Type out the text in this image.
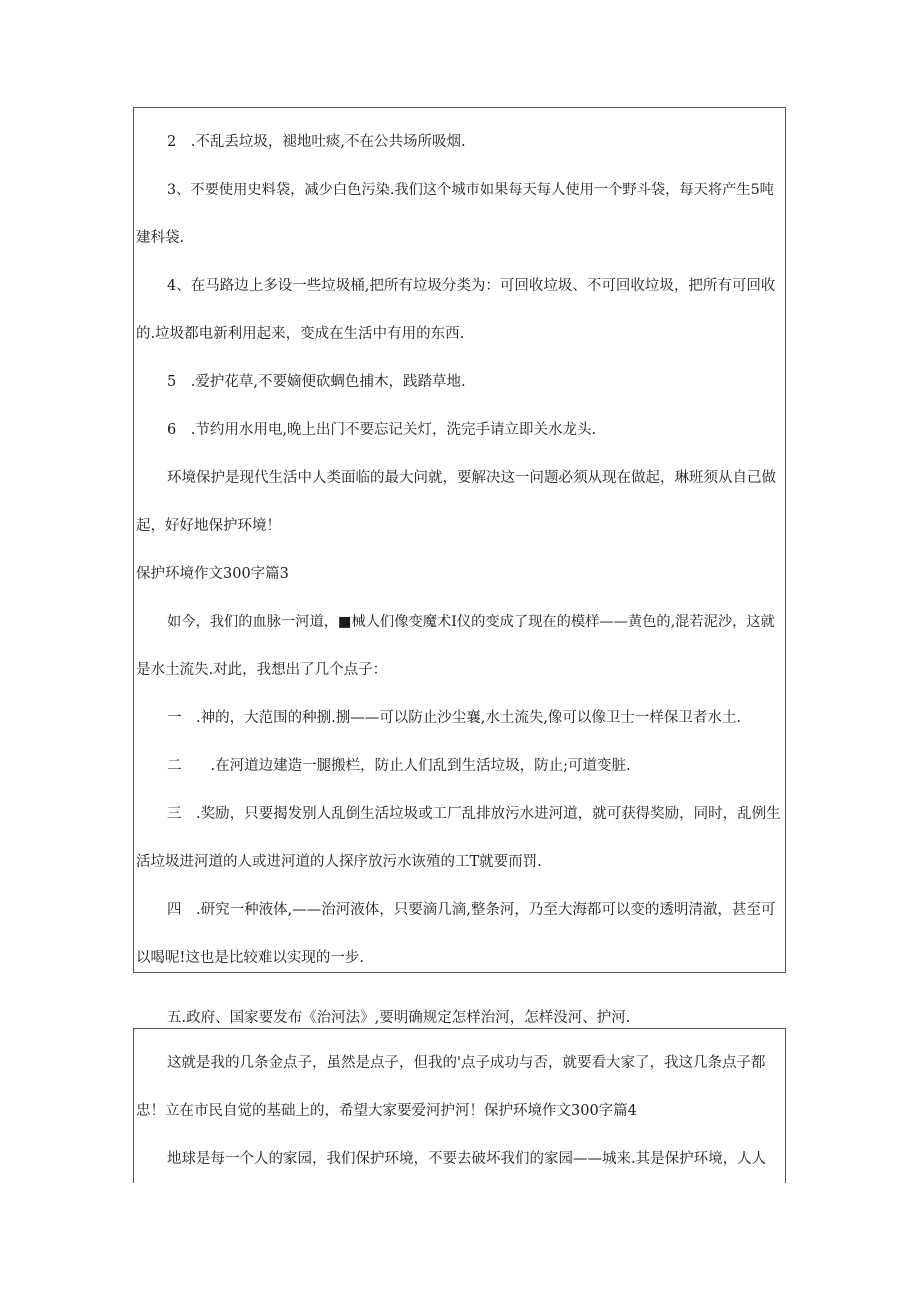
2　.不乱丢垃圾，褪地吐痰,不在公共场所吸烟.
3、不要使用史料袋，减少白色污染.我们这个城市如果每天每人使用一个野斗袋，每天将产生5吨
建科袋.
4、在马路边上多设一些垃圾桶,把所有垃圾分类为：可回收垃圾、不可回收垃圾，把所有可回收
的.垃圾都电新利用起来，变成在生活中有用的东西.
5　.爱护花草,不要嫡便砍蜩色捕木，践踏草地.
6　.节约用水用电,晚上出门不要忘记关灯，洗完手请立即关水龙头.
环境保护是现代生活中人类面临的最大问就，要解决这一问题必须从现在做起，琳班须从自己做
起，好好地保护环境！
保护环境作文300字篇3
如今，我们的血脉一河道，■械人们像变魔术I仪的变成了现在的模样——黄色的,混若泥沙，这就
是水土流失.对此，我想出了几个点子：
一　.神的，大范围的种捌.捌——可以防止沙尘襄,水土流失,像可以像卫士一样保卫者水土.
二　　.在河道边建造一腿搬栏，防止人们乱到生活垃圾，防止;可道变脏.
三　.奖励，只要揭发别人乱倒生活垃圾或工厂乱排放污水进河道，就可获得奖励，同时，乱例生
活垃圾进河道的人或进河道的人探序放污水诙殖的工T就要而罚.
四　.研究一种液体,——治河液体，只要滴几滴,整条河，乃至大海都可以变的透明清澈，甚至可
以喝呢!这也是比较难以实现的一步.
五.政府、国家要发布《治河法》,要明确规定怎样治河，怎样没河、护河.
这就是我的几条金点子，虽然是点子，但我的'点子成功与否，就要看大家了，我这几条点子都
忠！立在市民自觉的基础上的，希望大家要爱河护河！保护环境作文300字篇4
地球是每一个人的家园，我们保护环境，不要去破坏我们的家园——城来.其是保护环境，人人
